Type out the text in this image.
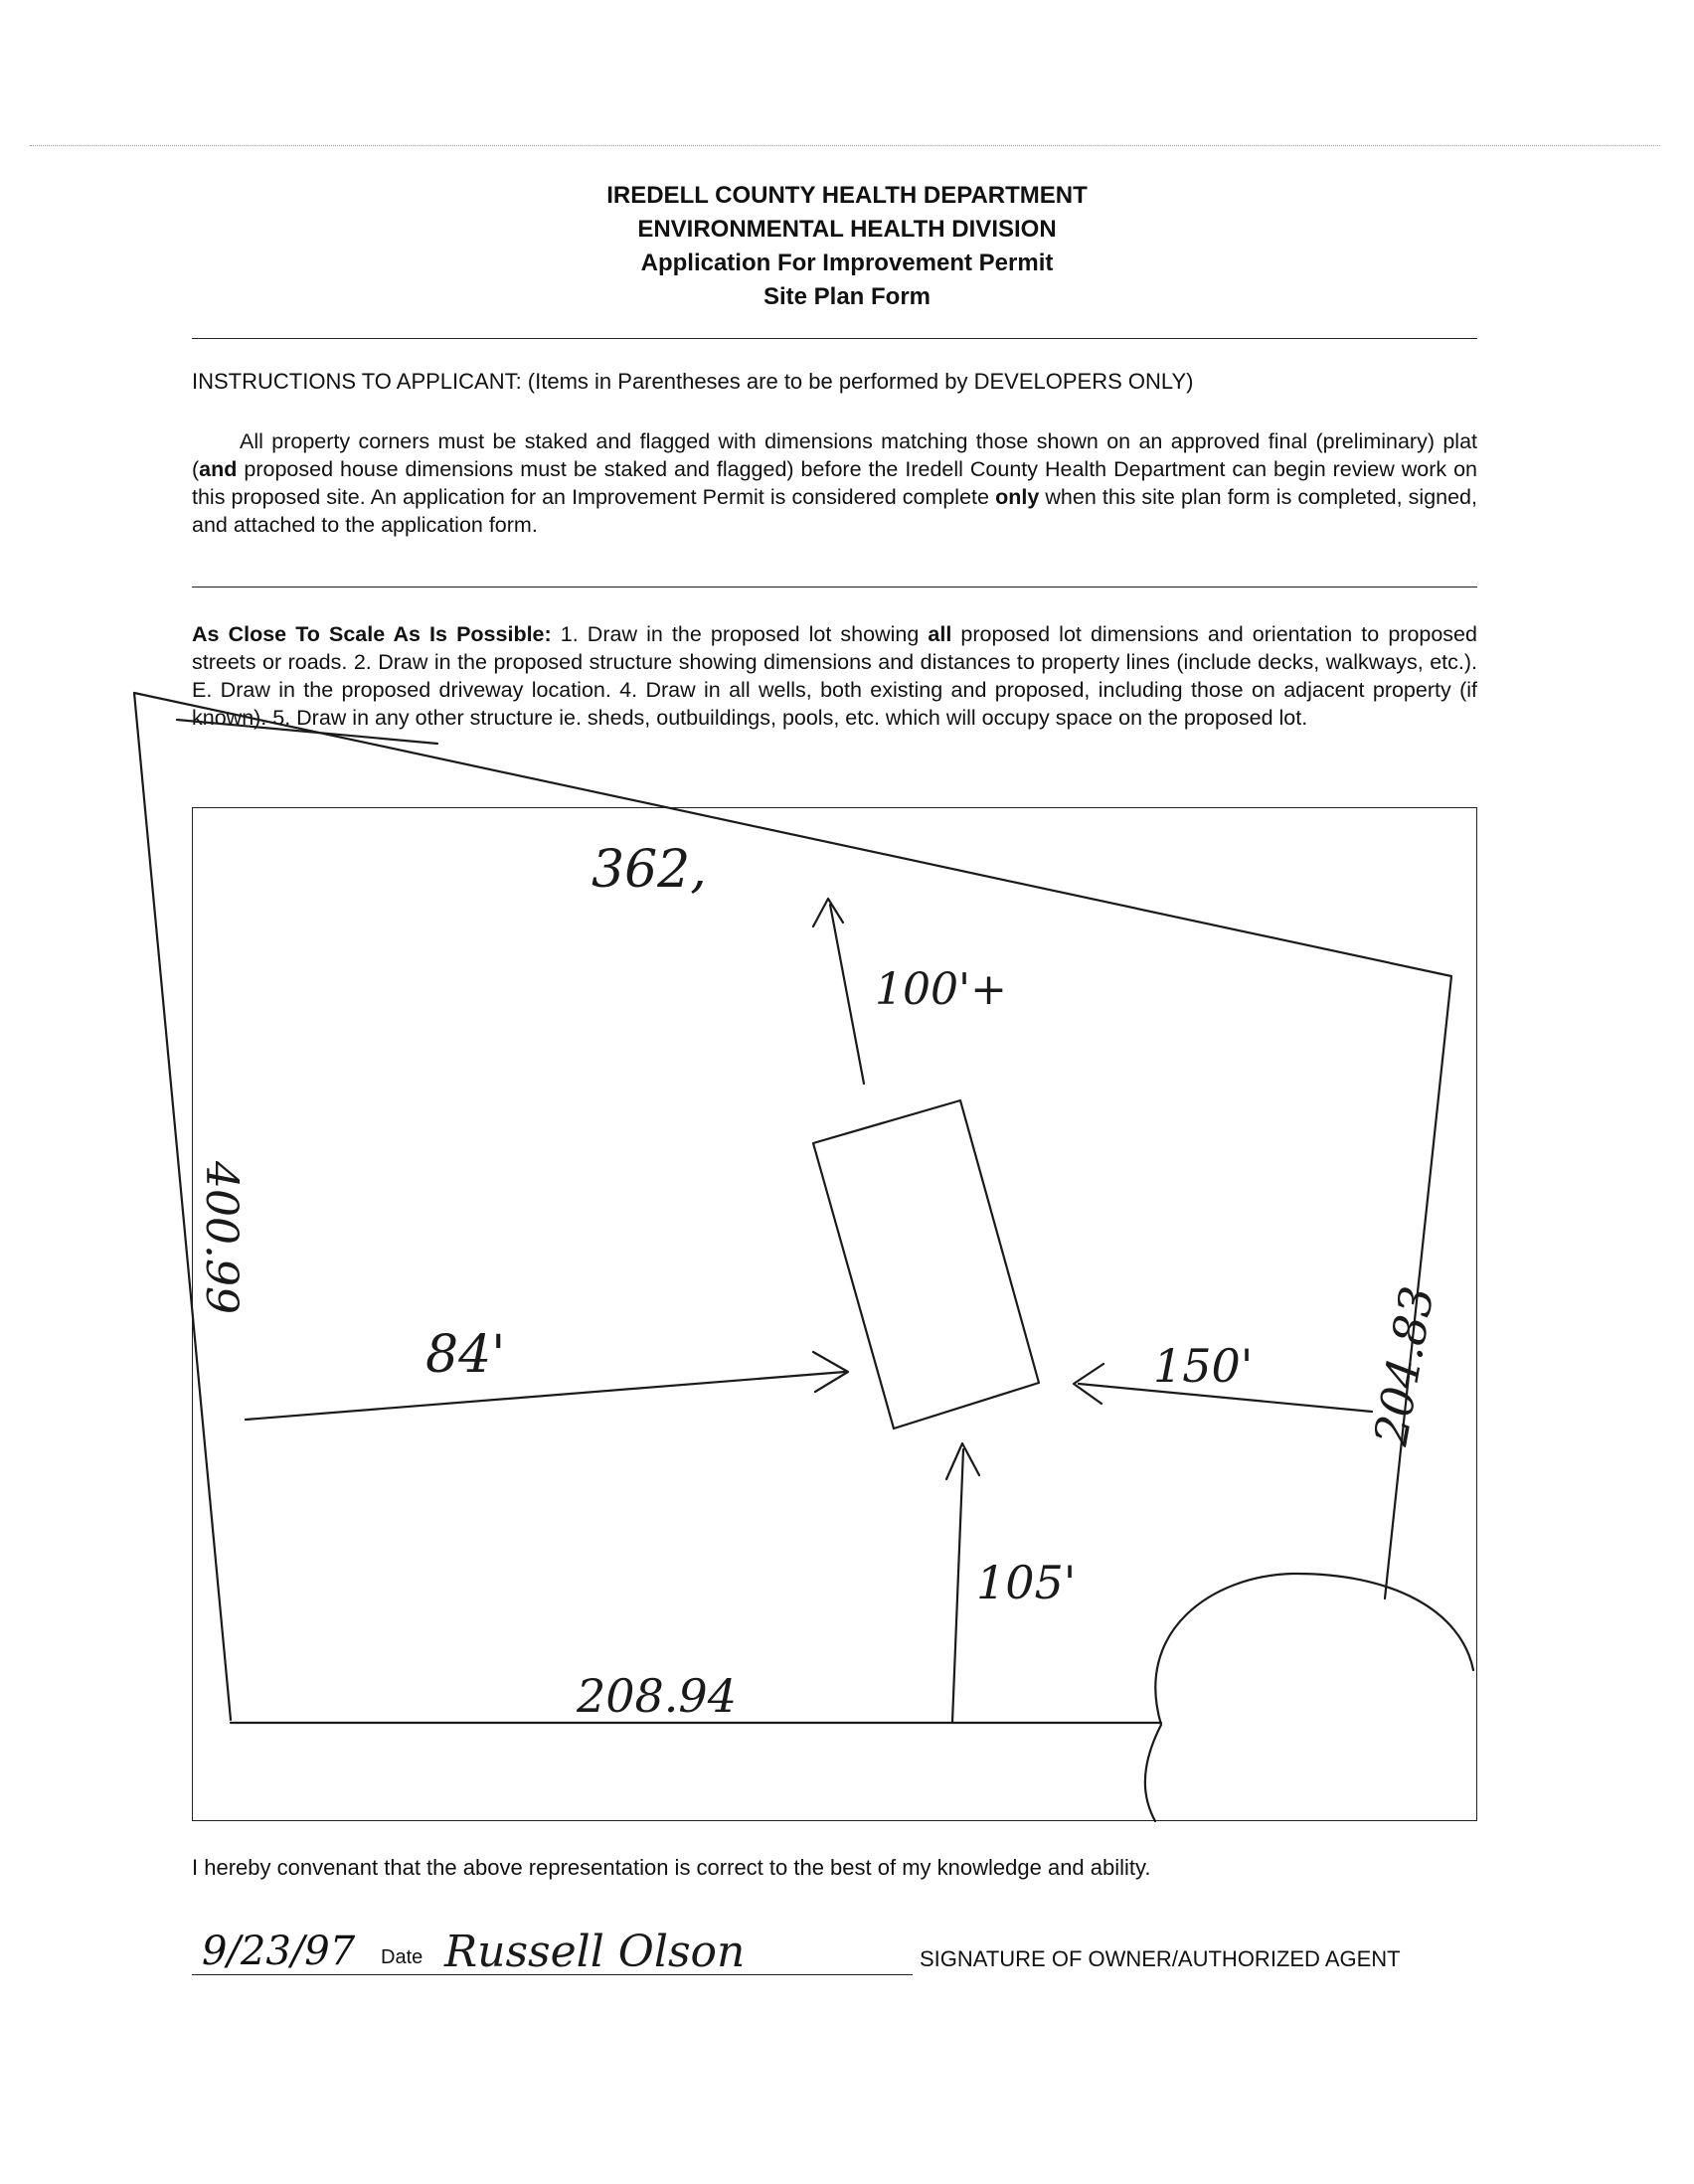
IREDELL COUNTY HEALTH DEPARTMENT
ENVIRONMENTAL HEALTH DIVISION
Application For Improvement Permit
Site Plan Form
INSTRUCTIONS TO APPLICANT: (Items in Parentheses are to be performed by DEVELOPERS ONLY)

All property corners must be staked and flagged with dimensions matching those shown on an approved final (preliminary) plat (and proposed house dimensions must be staked and flagged) before the Iredell County Health Department can begin review work on this proposed site. An application for an Improvement Permit is considered complete only when this site plan form is completed, signed, and attached to the application form.

As Close To Scale As Is Possible: 1. Draw in the proposed lot showing all proposed lot dimensions and orientation to proposed streets or roads. 2. Draw in the proposed structure showing dimensions and distances to property lines (include decks, walkways, etc.). E. Draw in the proposed driveway location. 4. Draw in all wells, both existing and proposed, including those on adjacent property (if known). 5. Draw in any other structure ie. sheds, outbuildings, pools, etc. which will occupy space on the proposed lot.

362,
100'+
400.99
84'	150' 204.83
105'
208.94
I hereby convenant that the above representation is correct to the best of my knowledge and ability.
9/23/97 Date Russell Olson	SIGNATURE OF OWNER/AUTHORIZED AGENT
